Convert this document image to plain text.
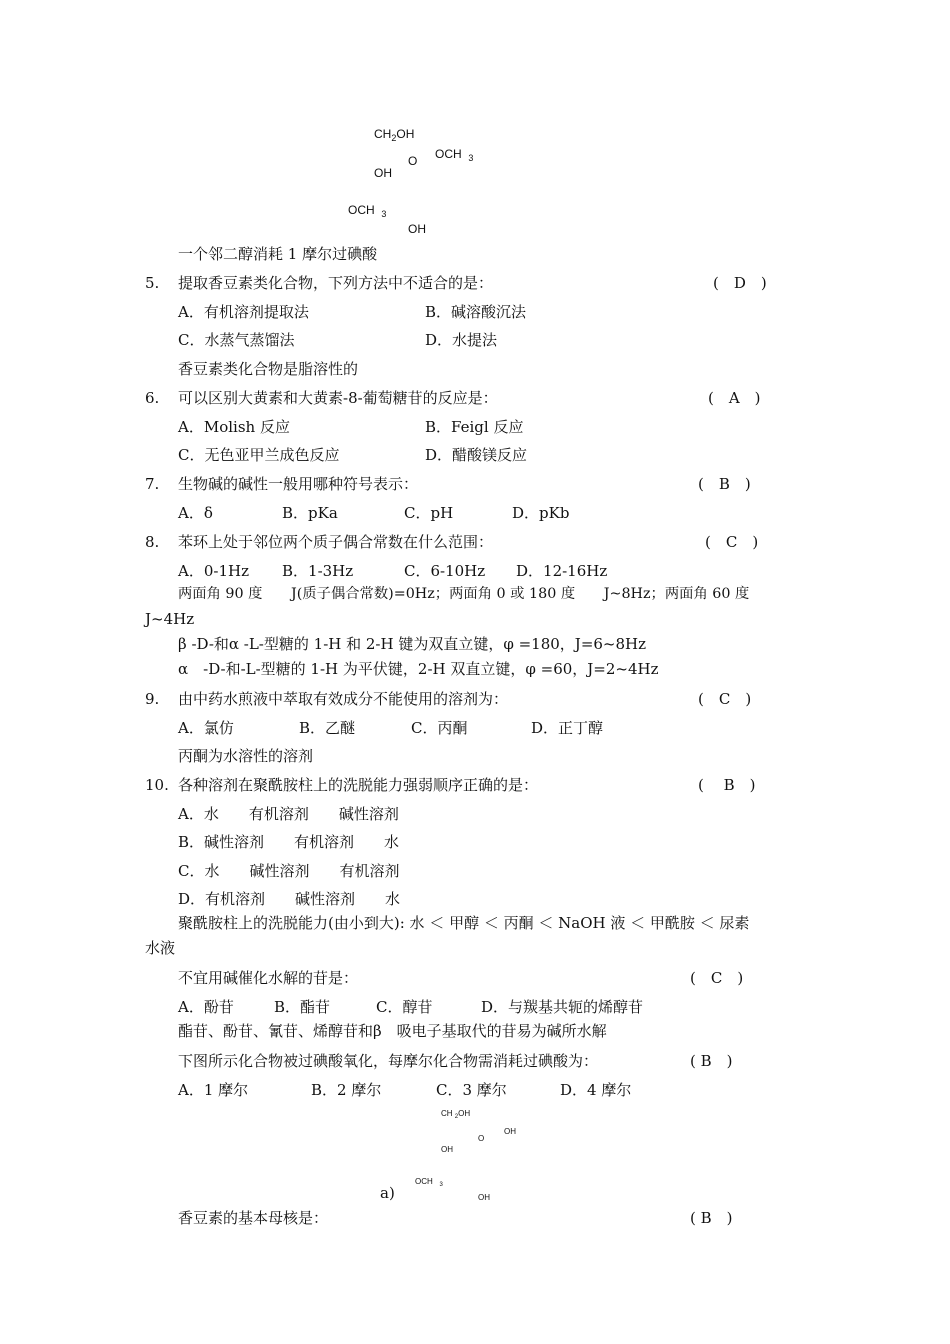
$CH_2OH$
OCH $_3$
O
OH
OCH $_3$
OH
一个邻二醇消耗 1 摩尔过碘酸
5. 提取香豆素类化合物，下列方法中不适合的是：	(　D　)
A．有机溶剂提取法	B．碱溶酸沉法
C．水蒸气蒸馏法	D．水提法
香豆素类化合物是脂溶性的
6. 可以区别大黄素和大黄素-8-葡萄糖苷的反应是：	(　A　)
A．Molish 反应	B．Feigl 反应
C．无色亚甲兰成色反应	D．醋酸镁反应
7. 生物碱的碱性一般用哪种符号表示：	(　B　)
A．δ	B．pKa	C．pH	D．pKb
8. 苯环上处于邻位两个质子偶合常数在什么范围：	(　C　)
A．0-1Hz B．1-3Hz	C．6-10Hz D．12-16Hz
两面角 90 度　　J(质子偶合常数)=0Hz；两面角 0 或 180 度　　J~8Hz；两面角 60 度
J~4Hz
β -D-和α -L-型糖的 1-H 和 2-H 键为双直立键，φ =180，J=6~8Hz
α　-D-和-L-型糖的 1-H 为平伏键，2-H 双直立键，φ =60，J=2~4Hz
9. 由中药水煎液中萃取有效成分不能使用的溶剂为：	(　C　)
A．氯仿	B．乙醚	C．丙酮	D．正丁醇
丙酮为水溶性的溶剂
10. 各种溶剂在聚酰胺柱上的洗脱能力强弱顺序正确的是：	(　 B　)
A．水　　有机溶剂　　碱性溶剂
B．碱性溶剂　　有机溶剂　　水
C．水　　碱性溶剂　　有机溶剂
D．有机溶剂　　碱性溶剂　　水
聚酰胺柱上的洗脱能力(由小到大): 水 ＜ 甲醇 ＜ 丙酮 ＜ NaOH 液 ＜ 甲酰胺 ＜ 尿素
水液
不宜用碱催化水解的苷是：	(　C　)
A．酚苷	B．酯苷	C．醇苷	D．与羰基共轭的烯醇苷
酯苷、酚苷、氰苷、烯醇苷和β　吸电子基取代的苷易为碱所水解
下图所示化合物被过碘酸氧化，每摩尔化合物需消耗过碘酸为：	( B　)
A．1 摩尔	B．2 摩尔	C．3 摩尔	D．4 摩尔
CH $_2$OH
OH
O
OH
a)
OCH $_3$
OH
香豆素的基本母核是：	( B　)
